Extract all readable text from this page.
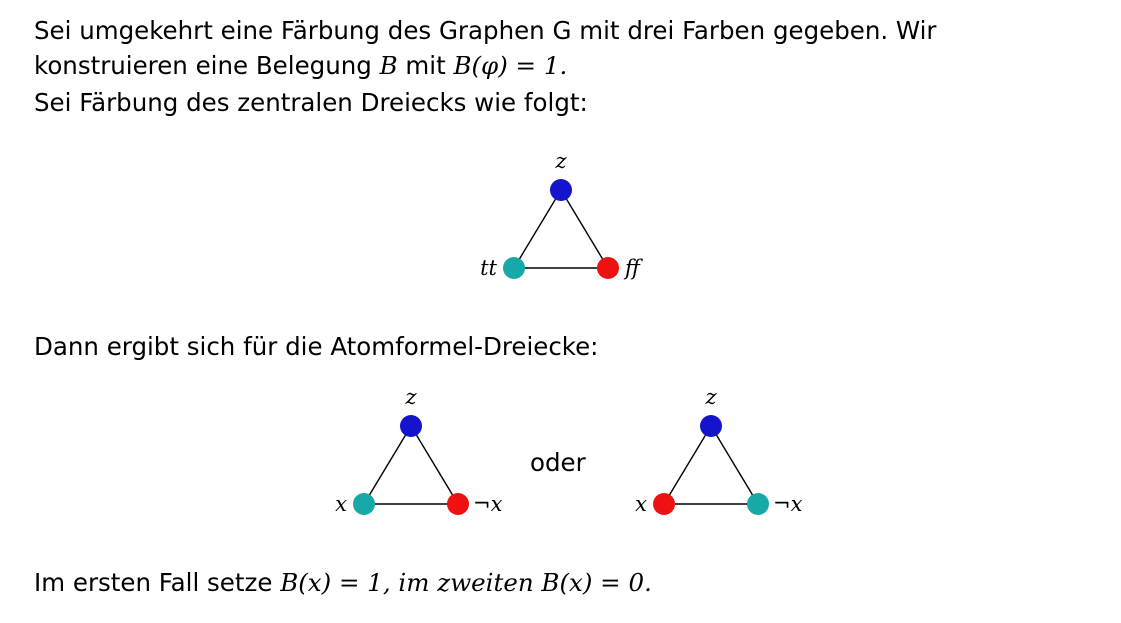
Sei umgekehrt eine Färbung des Graphen G mit drei Farben gegeben. Wir
konstruieren eine Belegung B mit B(φ) = 1.
Sei Färbung des zentralen Dreiecks wie folgt:
z
tt	ff
Dann ergibt sich für die Atomformel-Dreiecke:
z
x	¬x
oder
z
x	¬x
Im ersten Fall setze B(x) = 1, im zweiten B(x) = 0.
